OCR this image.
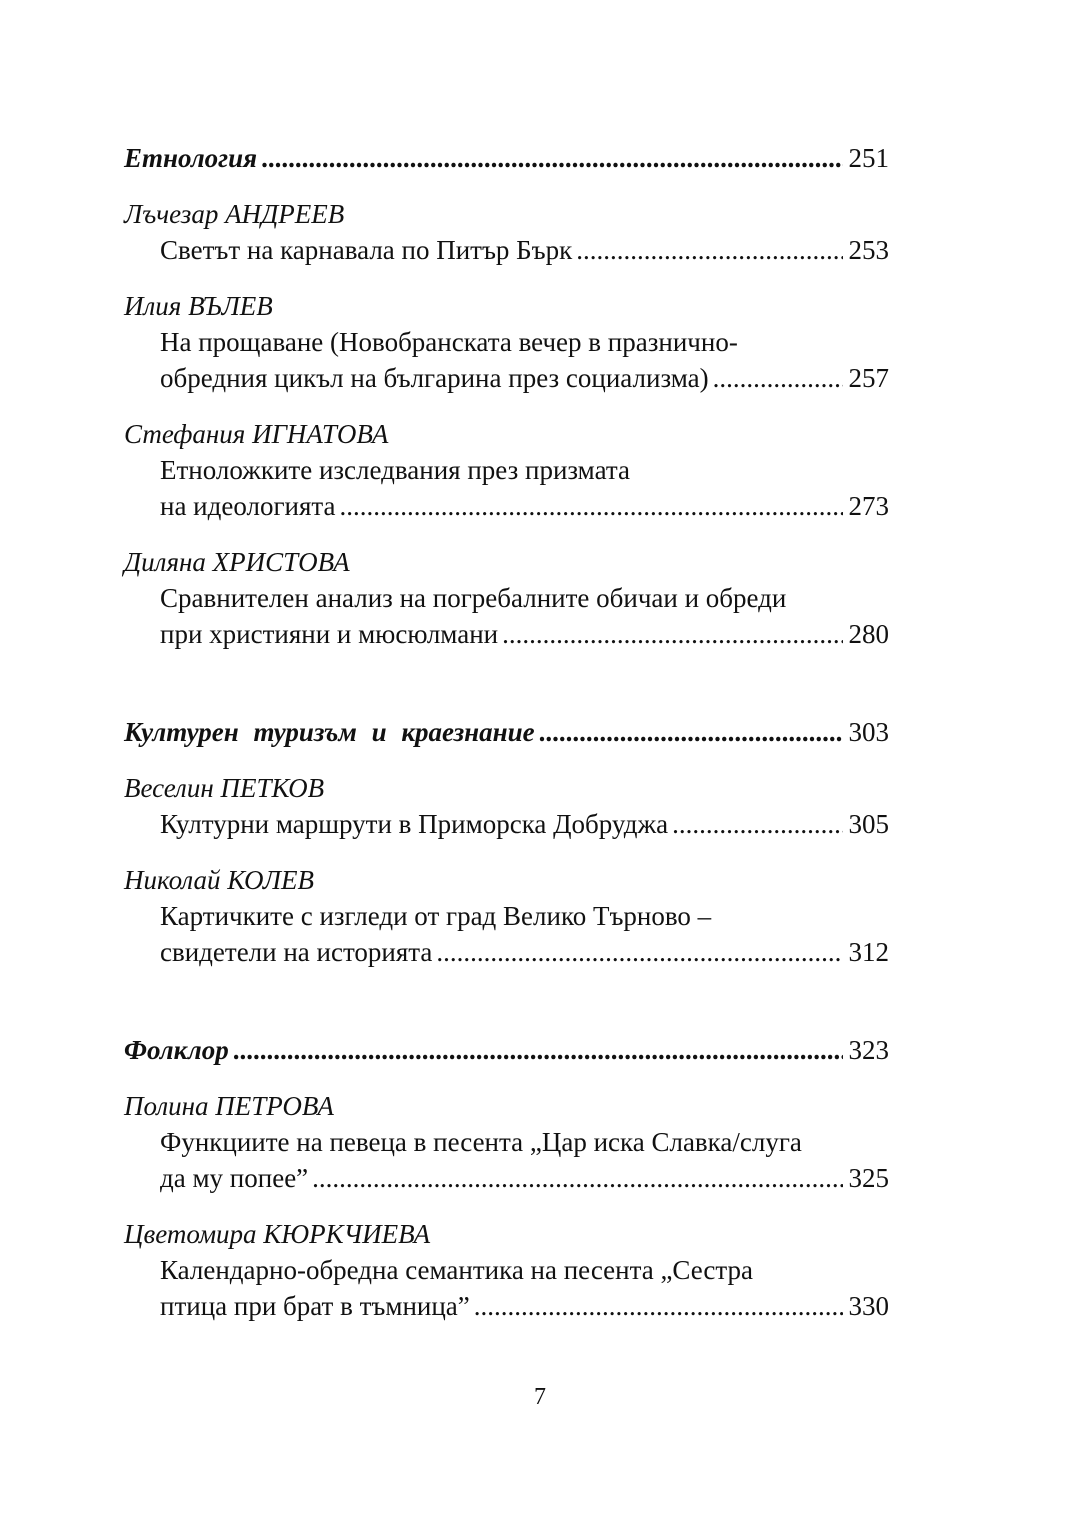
Етнология .....	251
Лъчезар АНДРЕЕВ
Светът на карнавала по Питър Бърк .....	253
Илия ВЪЛЕВ
На прощаване (Новобранската вечер в празнично-
обредния цикъл на българина през социализма) .....	257
Стефания ИГНАТОВА
Етноложките изследвания през призмата
на идеологията .....	273
Диляна ХРИСТОВА
Сравнителен анализ на погребалните обичаи и обреди
при християни и мюсюлмани .....	280
Културен туризъм и краезнание .....	303
Веселин ПЕТКОВ
Културни маршрути в Приморска Добруджа .....	305
Николай КОЛЕВ
Картичките с изгледи от град Велико Търново –
свидетели на историята .....	312
Фолклор .....	323
Полина ПЕТРОВА
Функциите на певеца в песента „Цар иска Славка/слуга
да му попее” .....	325
Цветомира КЮРКЧИЕВА
Календарно-обредна семантика на песента „Сестра
птица при брат в тъмница” .....	330
7
